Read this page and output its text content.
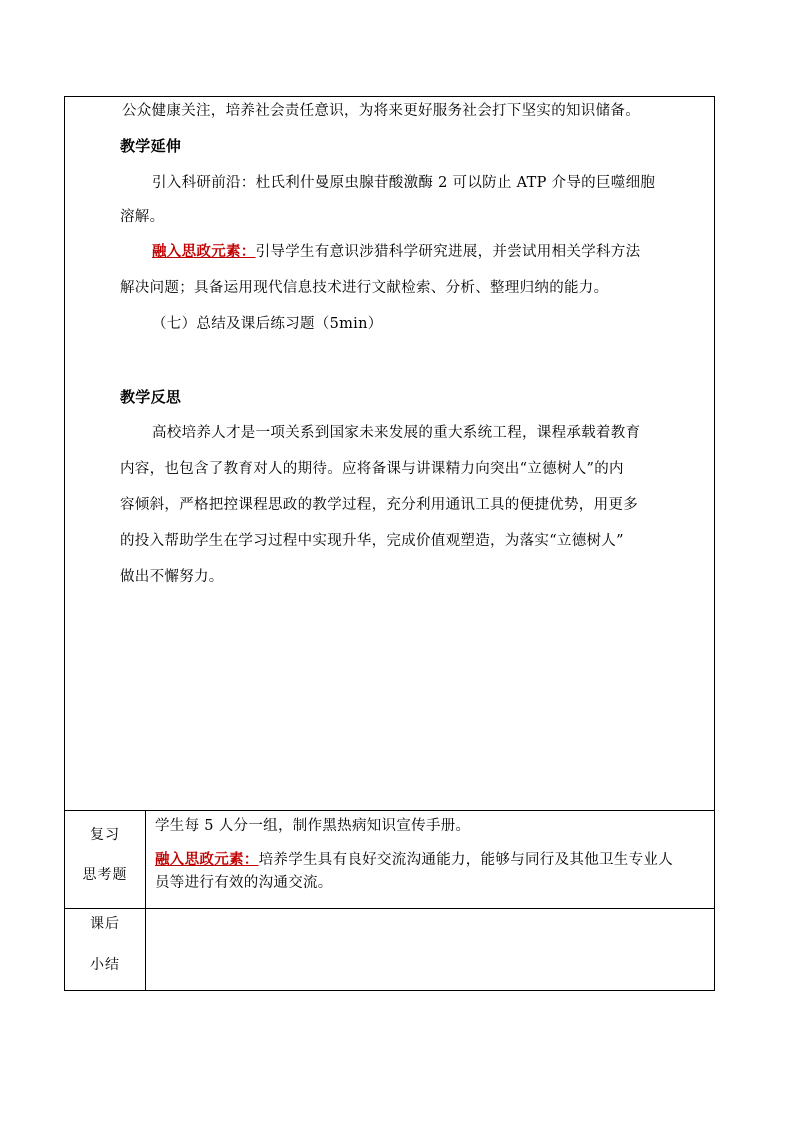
公众健康关注，培养社会责任意识，为将来更好服务社会打下坚实的知识储备。
教学延伸
引入科研前沿：杜氏利什曼原虫腺苷酸激酶 2 可以防止 ATP 介导的巨噬细胞
溶解。
融入思政元素：引导学生有意识涉猎科学研究进展，并尝试用相关学科方法
解决问题；具备运用现代信息技术进行文献检索、分析、整理归纳的能力。
（七）总结及课后练习题（5min）
教学反思
高校培养人才是一项关系到国家未来发展的重大系统工程，课程承载着教育
内容，也包含了教育对人的期待。应将备课与讲课精力向突出“立德树人”的内
容倾斜，严格把控课程思政的教学过程，充分利用通讯工具的便捷优势，用更多
的投入帮助学生在学习过程中实现升华，完成价值观塑造，为落实“立德树人”
做出不懈努力。
复习
思考题
学生每 5 人分一组，制作黑热病知识宣传手册。
融入思政元素：培养学生具有良好交流沟通能力，能够与同行及其他卫生专业人
员等进行有效的沟通交流。
课后
小结
